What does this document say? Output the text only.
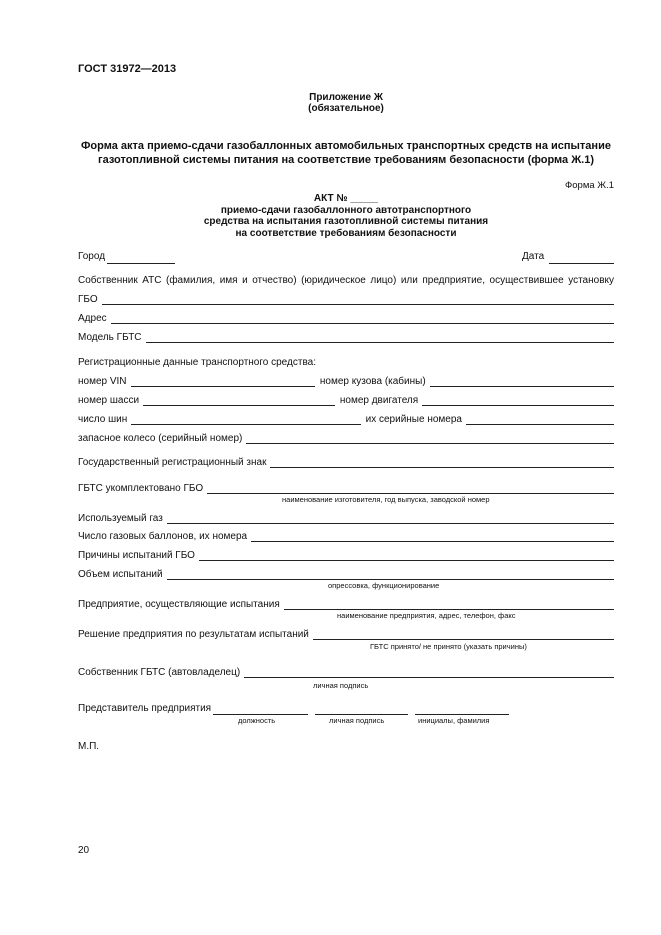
ГОСТ 31972—2013
Приложение Ж
(обязательное)
Форма акта приемо-сдачи газобаллонных автомобильных транспортных средств на испытание
газотопливной системы питания на соответствие требованиям безопасности (форма Ж.1)
Форма Ж.1
АКТ № _____
приемо-сдачи газобаллонного автотранспортного
средства на испытания газотопливной системы питания
на соответствие требованиям безопасности
Город	Дата
Собственник АТС (фамилия, имя и отчество) (юридическое лицо) или предприятие, осуществившее установку
ГБО
Адрес
Модель ГБТС
Регистрационные данные транспортного средства:
номер VIN	номер кузова (кабины)
номер шасси	номер двигателя
число шин	их серийные номера
запасное колесо (серийный номер)
Государственный регистрационный знак
ГБТС укомплектовано ГБО
наименование изготовителя, год выпуска, заводской номер
Используемый газ
Число газовых баллонов, их номера
Причины испытаний ГБО
Объем испытаний
опрессовка, функционирование
Предприятие, осуществляющие испытания
наименование предприятия, адрес, телефон, факс
Решение предприятия по результатам испытаний
ГБТС принято/ не принято (указать причины)
Собственник ГБТС (автовладелец)
личная подпись
Представитель предприятия
должность	личная подпись	инициалы, фамилия
М.П.
20
